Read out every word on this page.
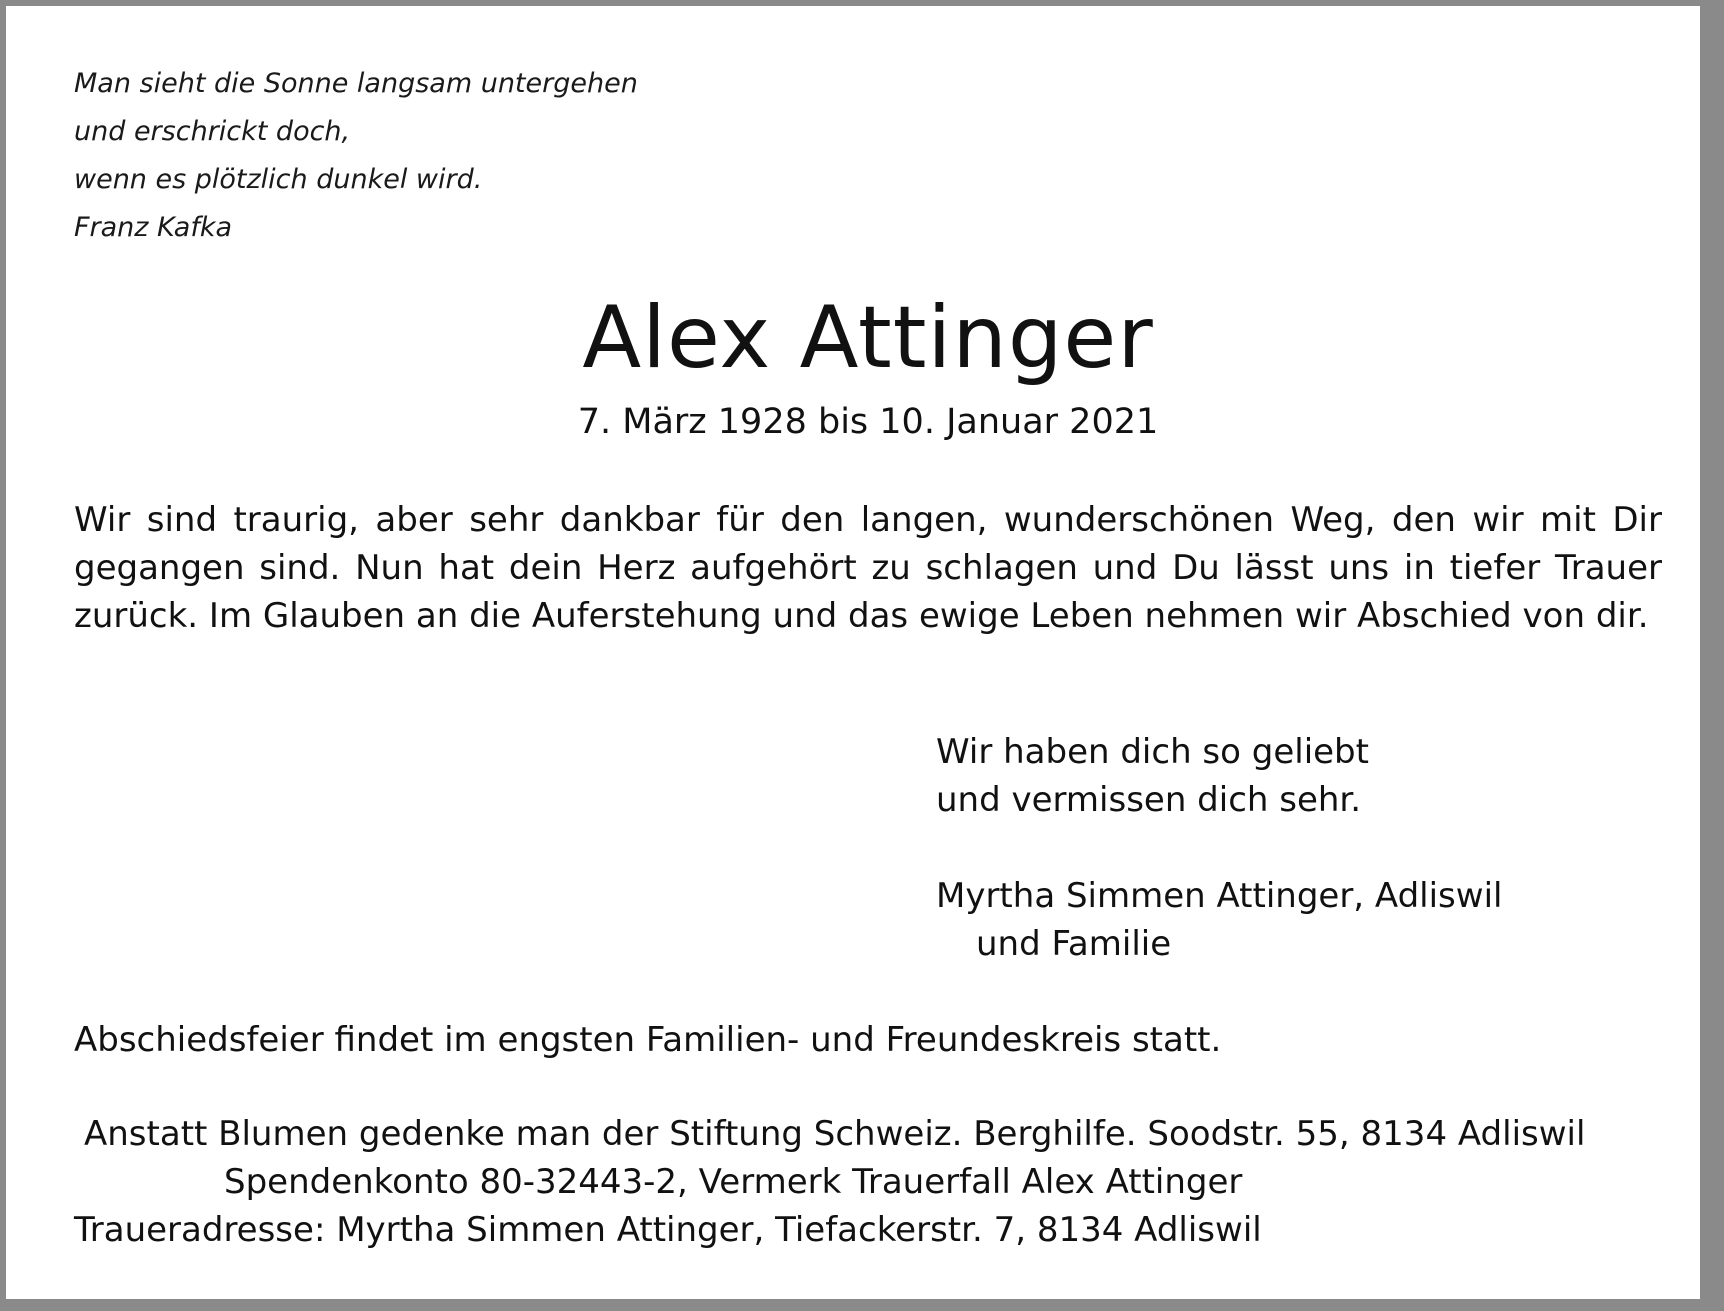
Man sieht die Sonne langsam untergehen
und erschrickt doch,
wenn es plötzlich dunkel wird.
Franz Kafka
Alex Attinger
7. März 1928 bis 10. Januar 2021
Wir sind traurig, aber sehr dankbar für den langen, wunderschönen Weg, den wir mit Dir gegangen sind. Nun hat dein Herz aufgehört zu schlagen und Du lässt uns in tiefer Trauer zurück. Im Glauben an die Auferstehung und das ewige Leben nehmen wir Abschied von dir.
Wir haben dich so geliebt
und vermissen dich sehr.
Myrtha Simmen Attinger, Adliswil
und Familie
Abschiedsfeier findet im engsten Familien- und Freundeskreis statt.
Anstatt Blumen gedenke man der Stiftung Schweiz. Berghilfe. Soodstr. 55, 8134 Adliswil
Spendenkonto 80-32443-2, Vermerk Trauerfall Alex Attinger
Traueradresse: Myrtha Simmen Attinger, Tiefackerstr. 7, 8134 Adliswil
